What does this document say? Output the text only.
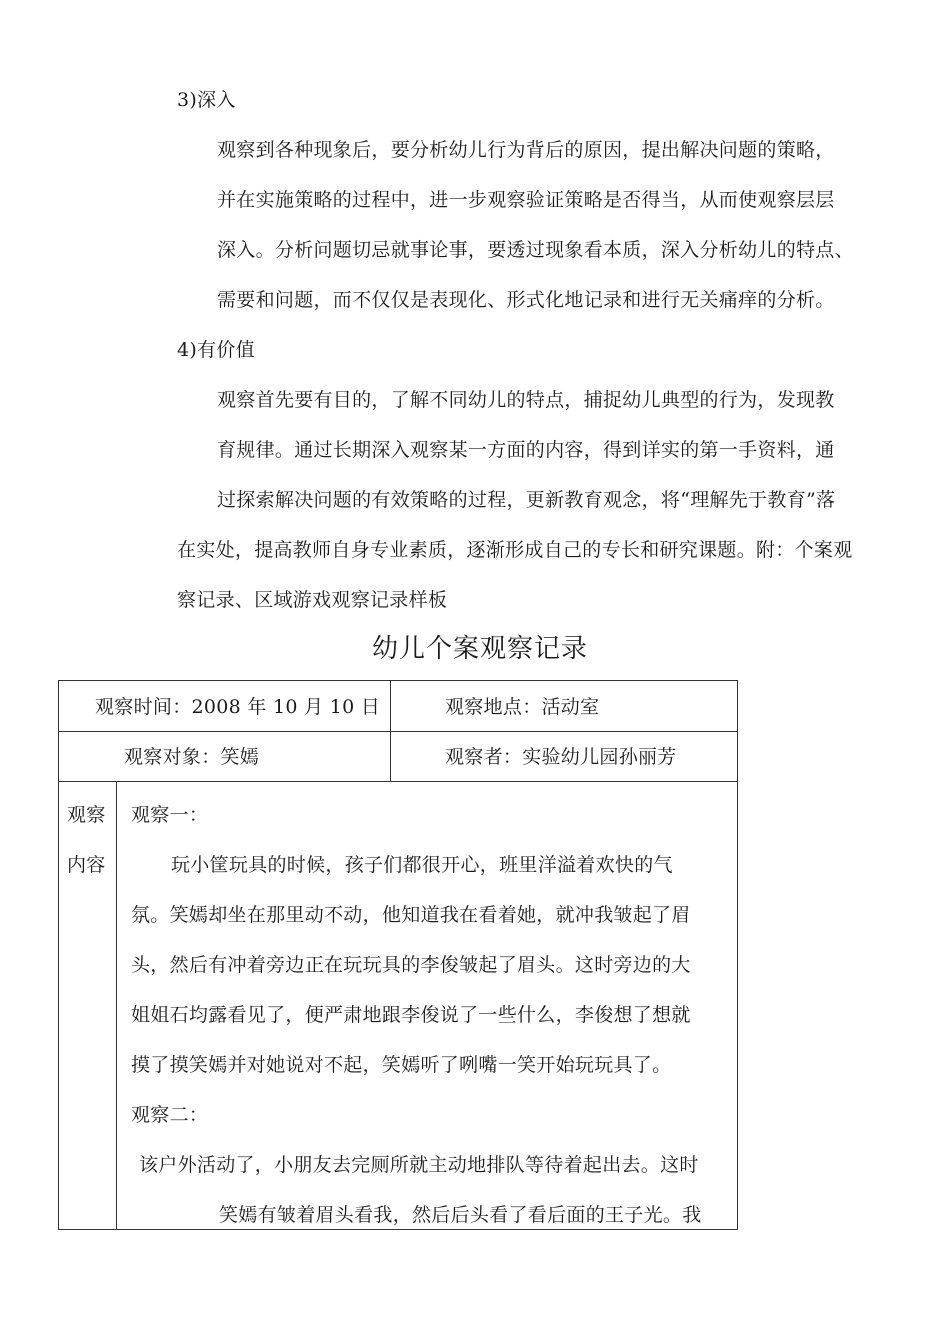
3)深入
观察到各种现象后，要分析幼儿行为背后的原因，提出解决问题的策略，
并在实施策略的过程中，进一步观察验证策略是否得当，从而使观察层层
深入。分析问题切忌就事论事，要透过现象看本质，深入分析幼儿的特点、
需要和问题，而不仅仅是表现化、形式化地记录和进行无关痛痒的分析。
4)有价值
观察首先要有目的，了解不同幼儿的特点，捕捉幼儿典型的行为，发现教
育规律。通过长期深入观察某一方面的内容，得到详实的第一手资料，通
过探索解决问题的有效策略的过程，更新教育观念，将“理解先于教育”落
在实处，提高教师自身专业素质，逐渐形成自己的专长和研究课题。附：个案观
察记录、区域游戏观察记录样板
幼儿个案观察记录
观察时间：2008 年 10 月 10 日	观察地点：活动室
观察对象：笑嫣	观察者：实验幼儿园孙丽芳
观察
内容
观察一：
玩小筐玩具的时候，孩子们都很开心，班里洋溢着欢快的气
氛。笑嫣却坐在那里动不动，他知道我在看着她，就冲我皱起了眉
头，然后有冲着旁边正在玩玩具的李俊皱起了眉头。这时旁边的大
姐姐石均露看见了，便严肃地跟李俊说了一些什么，李俊想了想就
摸了摸笑嫣并对她说对不起，笑嫣听了咧嘴一笑开始玩玩具了。
观察二：
该户外活动了，小朋友去完厕所就主动地排队等待着起出去。这时
笑嫣有皱着眉头看我，然后后头看了看后面的王子光。我
